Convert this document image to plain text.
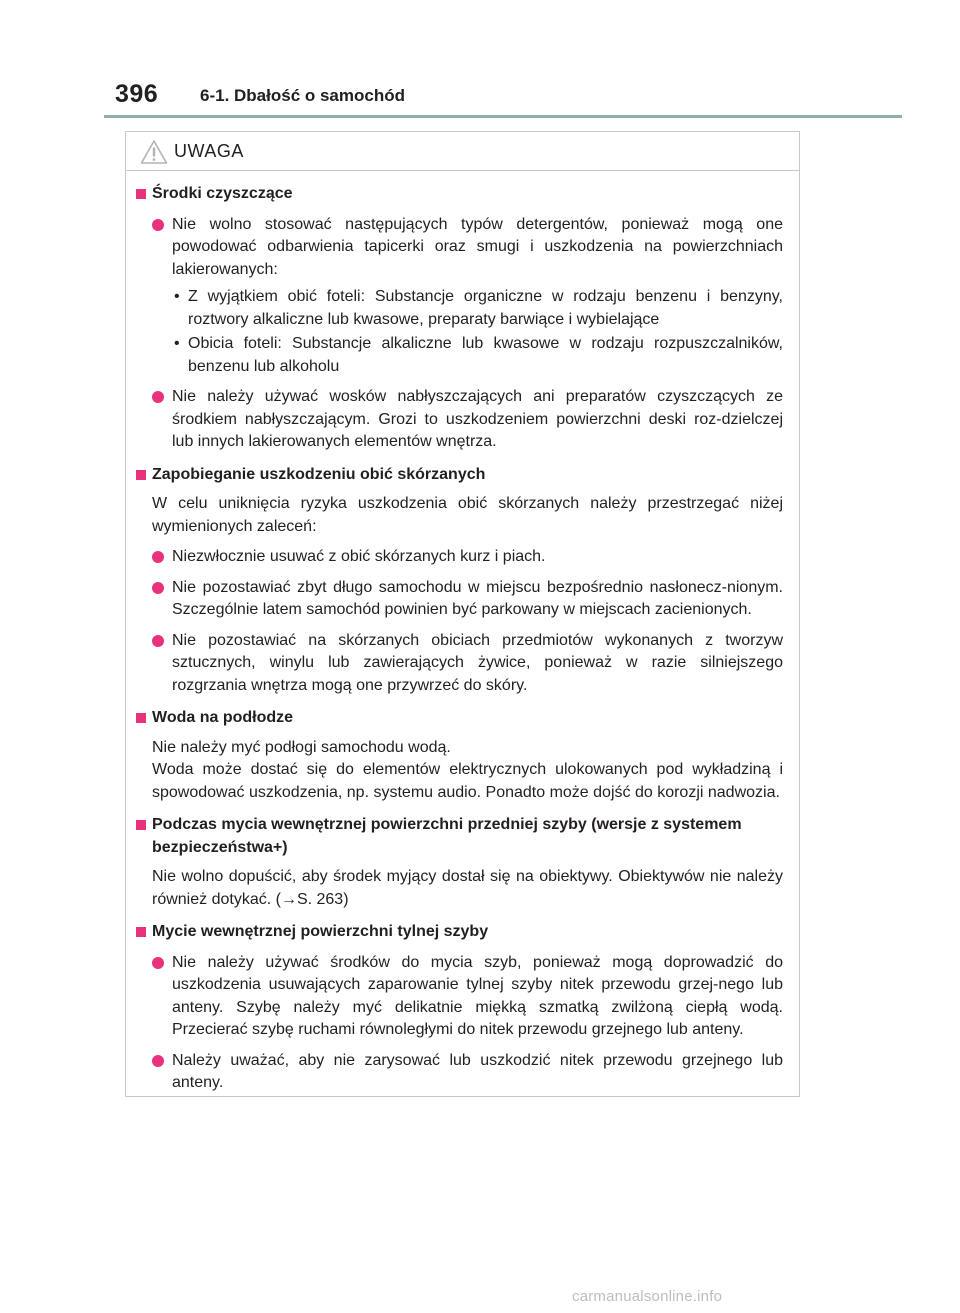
396 6-1. Dbałość o samochód
UWAGA
Środki czyszczące
Nie wolno stosować następujących typów detergentów, ponieważ mogą one powodować odbarwienia tapicerki oraz smugi i uszkodzenia na powierzchniach lakierowanych:
• Z wyjątkiem obić foteli: Substancje organiczne w rodzaju benzenu i benzyny, roztwory alkaliczne lub kwasowe, preparaty barwiące i wybielające
• Obicia foteli: Substancje alkaliczne lub kwasowe w rodzaju rozpuszczalników, benzenu lub alkoholu
Nie należy używać wosków nabłyszczających ani preparatów czyszczących ze środkiem nabłyszczającym. Grozi to uszkodzeniem powierzchni deski roz-dzielczej lub innych lakierowanych elementów wnętrza.
Zapobieganie uszkodzeniu obić skórzanych
W celu uniknięcia ryzyka uszkodzenia obić skórzanych należy przestrzegać niżej wymienionych zaleceń:
Niezwłocznie usuwać z obić skórzanych kurz i piach.
Nie pozostawiać zbyt długo samochodu w miejscu bezpośrednio nasłonecz-nionym. Szczególnie latem samochód powinien być parkowany w miejscach zacienionych.
Nie pozostawiać na skórzanych obiciach przedmiotów wykonanych z tworzyw sztucznych, winylu lub zawierających żywice, ponieważ w razie silniejszego rozgrzania wnętrza mogą one przywrzeć do skóry.
Woda na podłodze
Nie należy myć podłogi samochodu wodą.
Woda może dostać się do elementów elektrycznych ulokowanych pod wykładziną i spowodować uszkodzenia, np. systemu audio. Ponadto może dojść do korozji nadwozia.
Podczas mycia wewnętrznej powierzchni przedniej szyby (wersje z systemem bezpieczeństwa+)
Nie wolno dopuścić, aby środek myjący dostał się na obiektywy. Obiektywów nie należy również dotykać. (→S. 263)
Mycie wewnętrznej powierzchni tylnej szyby
Nie należy używać środków do mycia szyb, ponieważ mogą doprowadzić do uszkodzenia usuwających zaparowanie tylnej szyby nitek przewodu grzej-nego lub anteny. Szybę należy myć delikatnie miękką szmatką zwilżoną ciepłą wodą. Przecierać szybę ruchami równoległymi do nitek przewodu grzejnego lub anteny.
Należy uważać, aby nie zarysować lub uszkodzić nitek przewodu grzejnego lub anteny.
carmanualsonline.info
